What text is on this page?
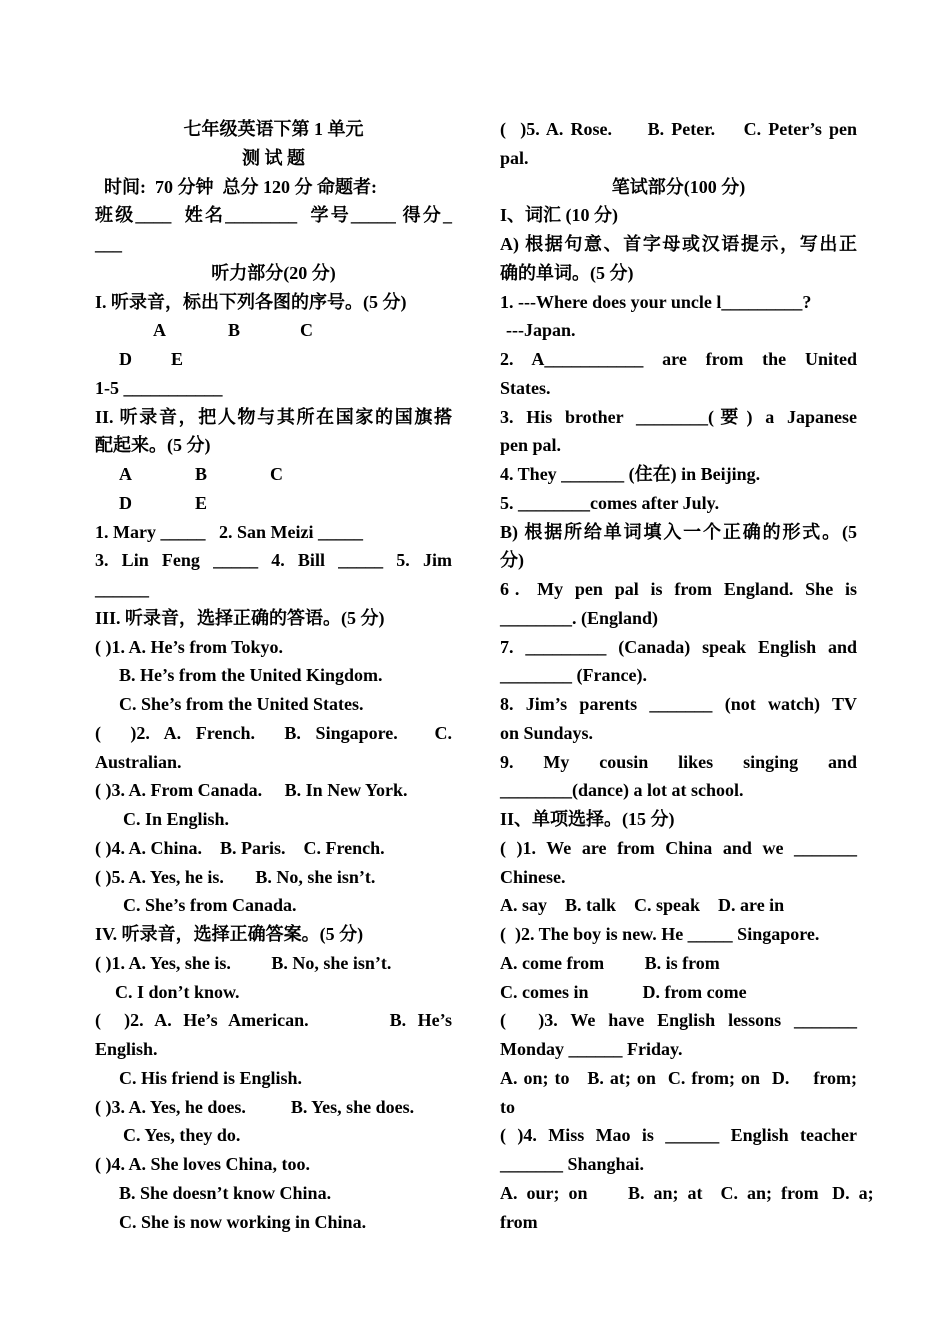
七年级英语下第 1 单元
测 试 题
时间:  70 分钟  总分 120 分 命题者:
班级____  姓名________  学号_____ 得分_
___
听力部分(20 分)
I. 听录音，标出下列各图的序号。(5 分)
A	B	C
D E
1-5 ___________
II. 听录音，把人物与其所在国家的国旗搭
配起来。(5 分)
A	B	C
D	E
1. Mary _____   2. San Meizi _____
3.  Lin  Feng  _____  4.  Bill  _____  5.  Jim
______
III. 听录音，选择正确的答语。(5 分)
( )1. A. He’s from Tokyo.
B. He’s from the United Kingdom.
C. She’s from the United States.
(    )2.  A.  French.    B.  Singapore.     C.
Australian.
( )3. A. From Canada.     B. In New York.
C. In English.
( )4. A. China.    B. Paris.    C. French.
( )5. A. Yes, he is.       B. No, she isn’t.
C. She’s from Canada.
IV. 听录音，选择正确答案。(5 分)
( )1. A. Yes, she is.         B. No, she isn’t.
C. I don’t know.
(    )2.  A.  He’s  American.              B.  He’s
English.
C. His friend is English.
( )3. A. Yes, he does.          B. Yes, she does.
C. Yes, they do.
( )4. A. She loves China, too.
B. She doesn’t know China.
C. She is now working in China.
(  )5. A. Rose.     B. Peter.    C. Peter’s pen
pal.
笔试部分(100 分)
I、词汇 (10 分)
A) 根据句意、首字母或汉语提示，写出正
确的单词。(5 分)
1. ---Where does your uncle l_________?
---Japan.
2.  A___________  are  from  the  United
States.
3.  His  brother  ________( 要 )  a  Japanese
pen pal.
4. They _______ (住在) in Beijing.
5. ________comes after July.
B) 根据所给单词填入一个正确的形式。(5
分)
6 .   My  pen  pal  is  from  England.  She  is
________. (England)
7.  _________  (Canada)  speak  English  and
________ (France).
8.  Jim’s  parents  _______  (not  watch)  TV
on Sundays.
9.     My     cousin     likes     singing     and
________(dance) a lot at school.
II、单项选择。(15 分)
(  )1.  We  are  from  China  and  we  _______
Chinese.
A. say    B. talk    C. speak    D. are in
(  )2. The boy is new. He _____ Singapore.
A. come from         B. is from
C. comes in            D. from come
(     )3.  We  have  English  lessons  _______
Monday ______ Friday.
A. on; to   B. at; on  C. from; on  D.    from;
to
(  )4.  Miss  Mao  is  ______  English  teacher
_______ Shanghai.
A.  our;  on         B.  an;  at    C.  an;  from   D.  a;
from
